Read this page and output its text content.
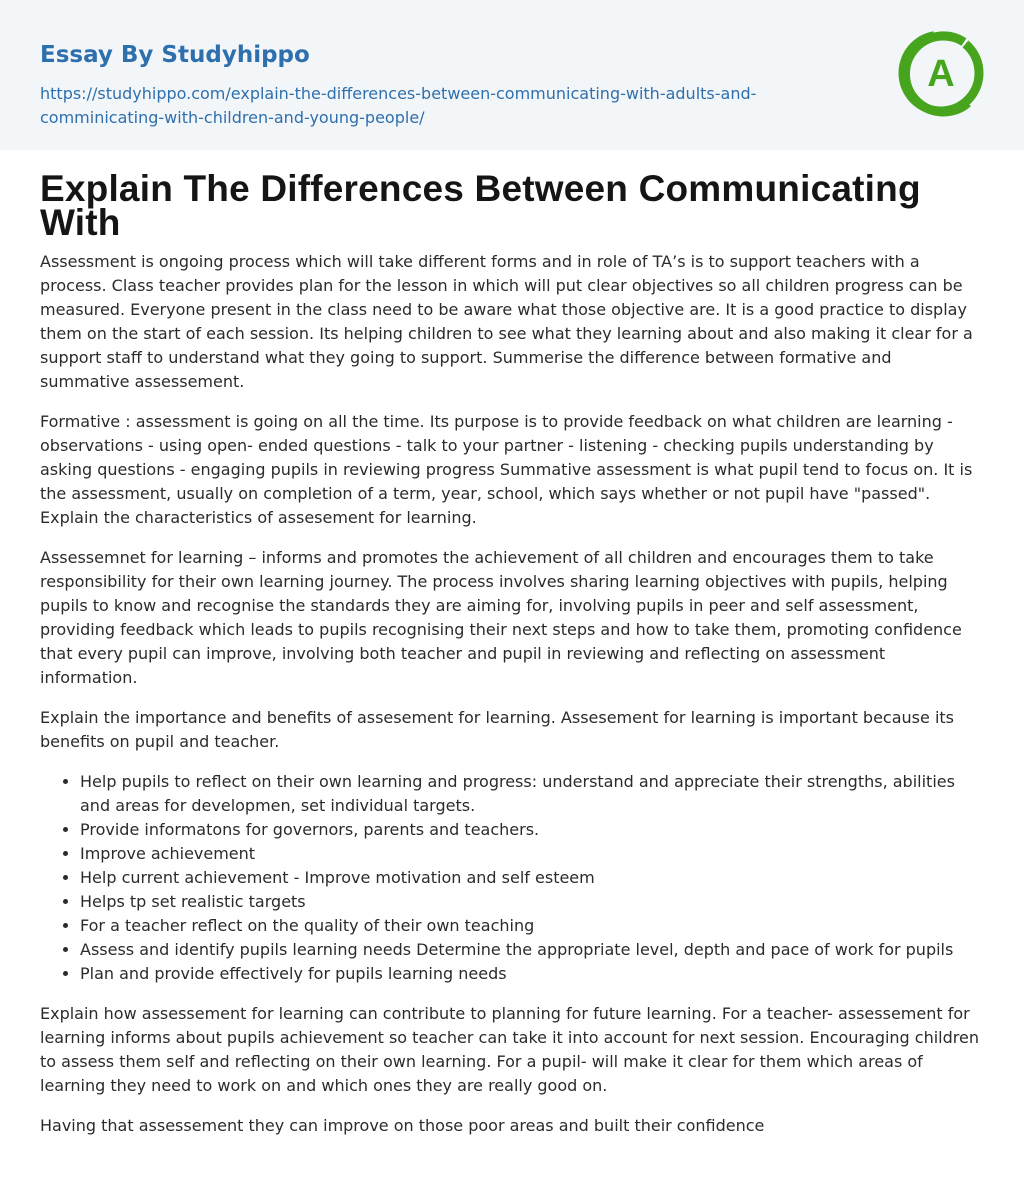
Essay By Studyhippo
https://studyhippo.com/explain-the-differences-between-communicating-with-adults-and-
comminicating-with-children-and-young-people/
A
Explain The Differences Between Communicating With

Assessment is ongoing process which will take different forms and in role of TA’s is to support teachers with a process. Class teacher provides plan for the lesson in which will put clear objectives so all children progress can be measured. Everyone present in the class need to be aware what those objective are. It is a good practice to display them on the start of each session. Its helping children to see what they learning about and also making it clear for a support staff to understand what they going to support. Summerise the difference between formative and summative assessement.

Formative : assessment is going on all the time. Its purpose is to provide feedback on what children are learning - observations - using open- ended questions - talk to your partner - listening - checking pupils understanding by asking questions - engaging pupils in reviewing progress Summative assessment is what pupil tend to focus on. It is the assessment, usually on completion of a term, year, school, which says whether or not pupil have "passed". Explain the characteristics of assesement for learning.

Assessemnet for learning – informs and promotes the achievement of all children and encourages them to take responsibility for their own learning journey. The process involves sharing learning objectives with pupils, helping pupils to know and recognise the standards they are aiming for, involving pupils in peer and self assessment, providing feedback which leads to pupils recognising their next steps and how to take them, promoting confidence that every pupil can improve, involving both teacher and pupil in reviewing and reflecting on assessment information.

Explain the importance and benefits of assesement for learning. Assesement for learning is important because its benefits on pupil and teacher.

• Help pupils to reflect on their own learning and progress: understand and appreciate their strengths, abilities and areas for developmen, set individual targets.
• Provide informatons for governors, parents and teachers.
• Improve achievement
• Help current achievement - Improve motivation and self esteem
• Helps tp set realistic targets
• For a teacher reflect on the quality of their own teaching
• Assess and identify pupils learning needs Determine the appropriate level, depth and pace of work for pupils
• Plan and provide effectively for pupils learning needs

Explain how assessement for learning can contribute to planning for future learning. For a teacher- assessement for learning informs about pupils achievement so teacher can take it into account for next session. Encouraging children to assess them self and reflecting on their own learning. For a pupil- will make it clear for them which areas of learning they need to work on and which ones they are really good on.

Having that assessement they can improve on those poor areas and built their confidence
